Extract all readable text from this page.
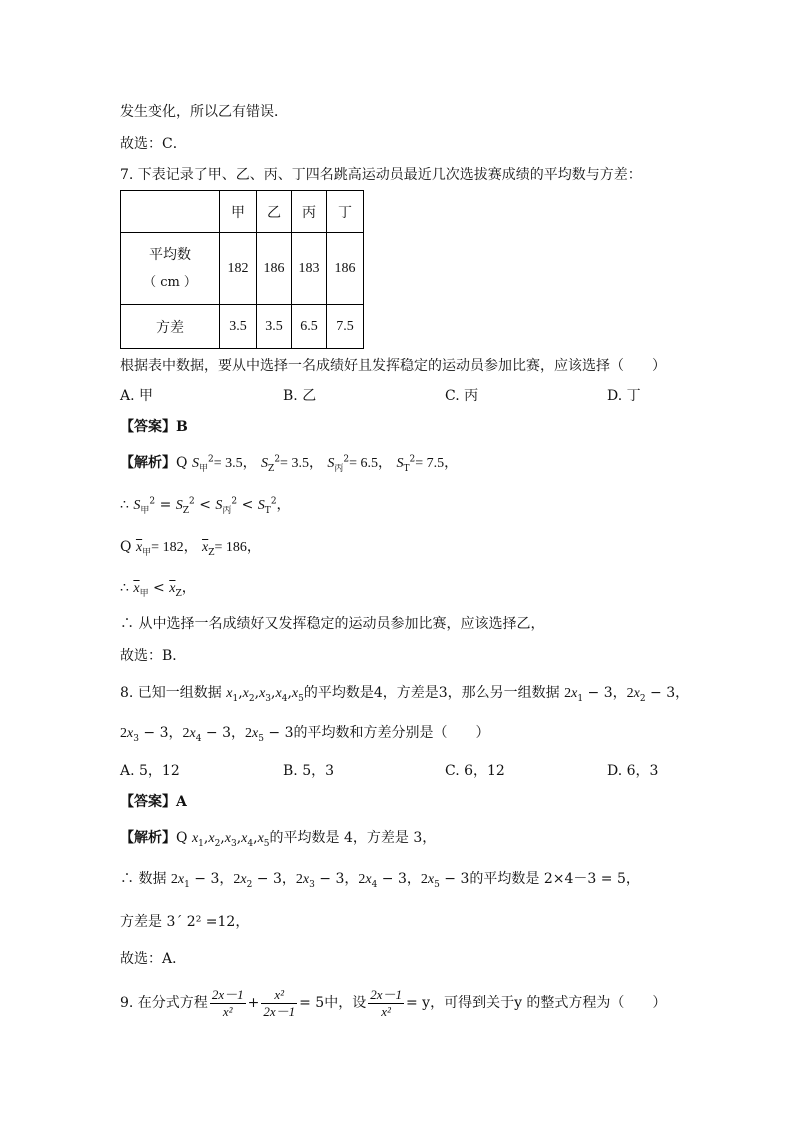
发生变化，所以乙有错误．
故选：C．
7. 下表记录了甲、乙、丙、丁四名跳高运动员最近几次选拔赛成绩的平均数与方差：
	甲	乙	丙	丁

平均数
（ cm ）	182	186	183	186
方差	3.5	3.5	6.5	7.5
根据表中数据，要从中选择一名成绩好且发挥稳定的运动员参加比赛，应该选择（　　）
A. 甲	B. 乙	C. 丙	D. 丁
【答案】B
【解析】Q $S_甲^2= 3.5$， $S_Z^2= 3.5$， $S_丙^2= 6.5$， $S_T^2= 7.5$，
∴ $S_甲^2 = S_Z^2 < S_丙^2 < S_T^2$，
Q $\overline{x}_甲= 182$， $\overline{x}_Z= 186$，
∴ $\overline{x}_甲 < \overline{x}_Z$，
∴ 从中选择一名成绩好又发挥稳定的运动员参加比赛，应该选择乙，
故选：B．
8. 已知一组数据 $x_1,x_2,x_3,x_4,x_5$的平均数是4，方差是3，那么另一组数据 $2x_1 - 3$，$2x_2 - 3$，
$2x_3 - 3$，$2x_4 - 3$，$2x_5 - 3$的平均数和方差分别是（　　）
A. 5，12	B. 5，3	C. 6，12	D. 6，3
【答案】A
【解析】Q $x_1,x_2,x_3,x_4,x_5$的平均数是 4，方差是 3，
∴ 数据 $2x_1 - 3$，$2x_2 - 3$，$2x_3 - 3$，$2x_4 - 3$，$2x_5 - 3$的平均数是 2×4－3 = 5，
方差是 3´ 2² =12，
故选：A．
9. 在分式方程 $\frac{2x-1}{\text{x²}} + \frac{\text{x²}}{2x-1} = 5$中，设 $\frac{2x-1}{\text{x²}} = y$，可得到关于y 的整式方程为（　　）
